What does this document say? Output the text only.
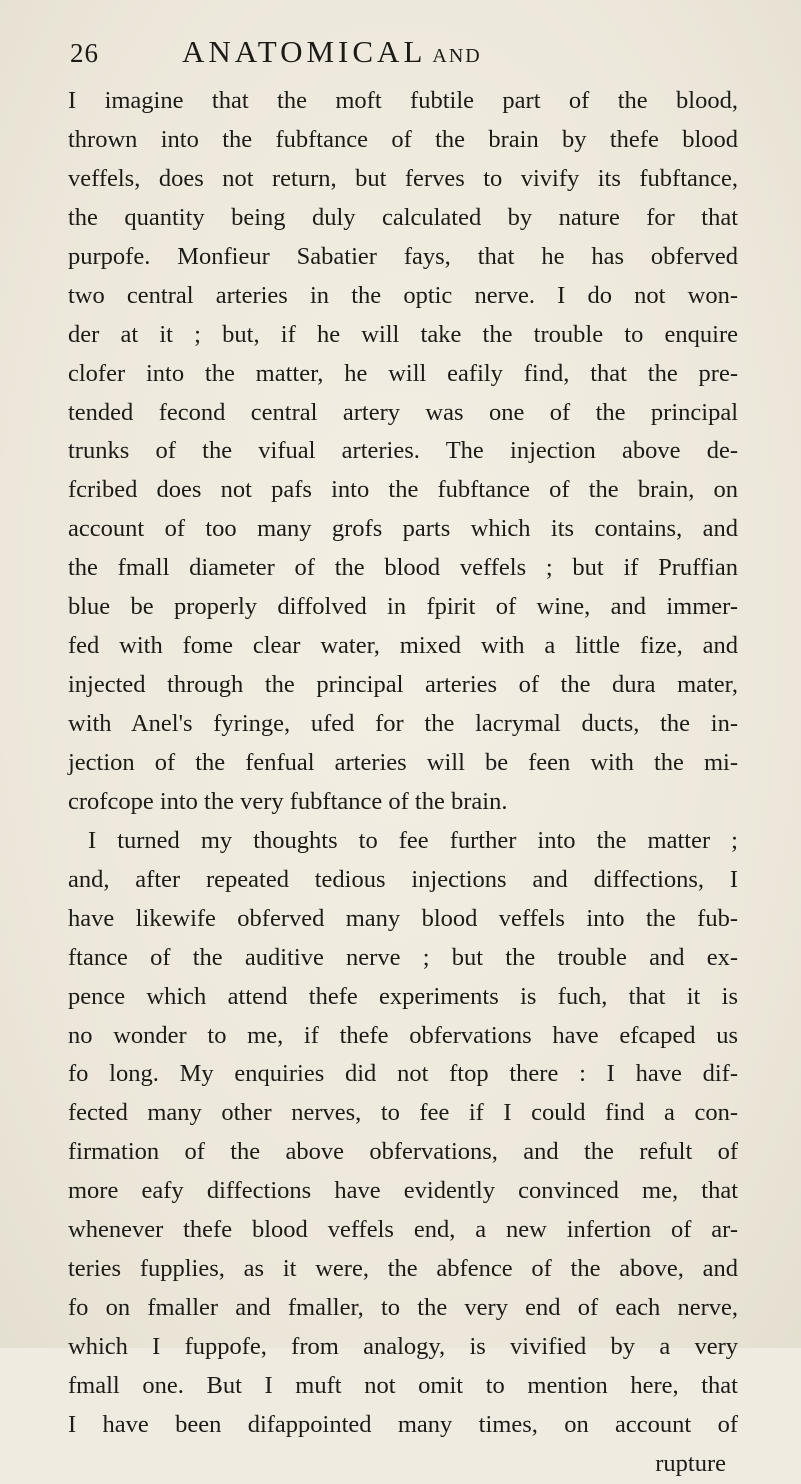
26	ANATOMICAL AND
I imagine that the moft fubtile part of the blood,
thrown into the fubftance of the brain by thefe blood
veffels, does not return, but ferves to vivify its fubftance,
the quantity being duly calculated by nature for that
purpofe. Monfieur Sabatier fays, that he has obferved
two central arteries in the optic nerve. I do not won-
der at it ; but, if he will take the trouble to enquire
clofer into the matter, he will eafily find, that the pre-
tended fecond central artery was one of the principal
trunks of the vifual arteries. The injection above de-
fcribed does not pafs into the fubftance of the brain, on
account of too many grofs parts which its contains, and
the fmall diameter of the blood veffels ; but if Pruffian
blue be properly diffolved in fpirit of wine, and immer-
fed with fome clear water, mixed with a little fize, and
injected through the principal arteries of the dura mater,
with Anel's fyringe, ufed for the lacrymal ducts, the in-
jection of the fenfual arteries will be feen with the mi-
crofcope into the very fubftance of the brain.
I turned my thoughts to fee further into the matter ;
and, after repeated tedious injections and diffections, I
have likewife obferved many blood veffels into the fub-
ftance of the auditive nerve ; but the trouble and ex-
pence which attend thefe experiments is fuch, that it is
no wonder to me, if thefe obfervations have efcaped us
fo long. My enquiries did not ftop there : I have dif-
fected many other nerves, to fee if I could find a con-
firmation of the above obfervations, and the refult of
more eafy diffections have evidently convinced me, that
whenever thefe blood veffels end, a new infertion of ar-
teries fupplies, as it were, the abfence of the above, and
fo on fmaller and fmaller, to the very end of each nerve,
which I fuppofe, from analogy, is vivified by a very
fmall one. But I muft not omit to mention here, that
I have been difappointed many times, on account of
rupture
